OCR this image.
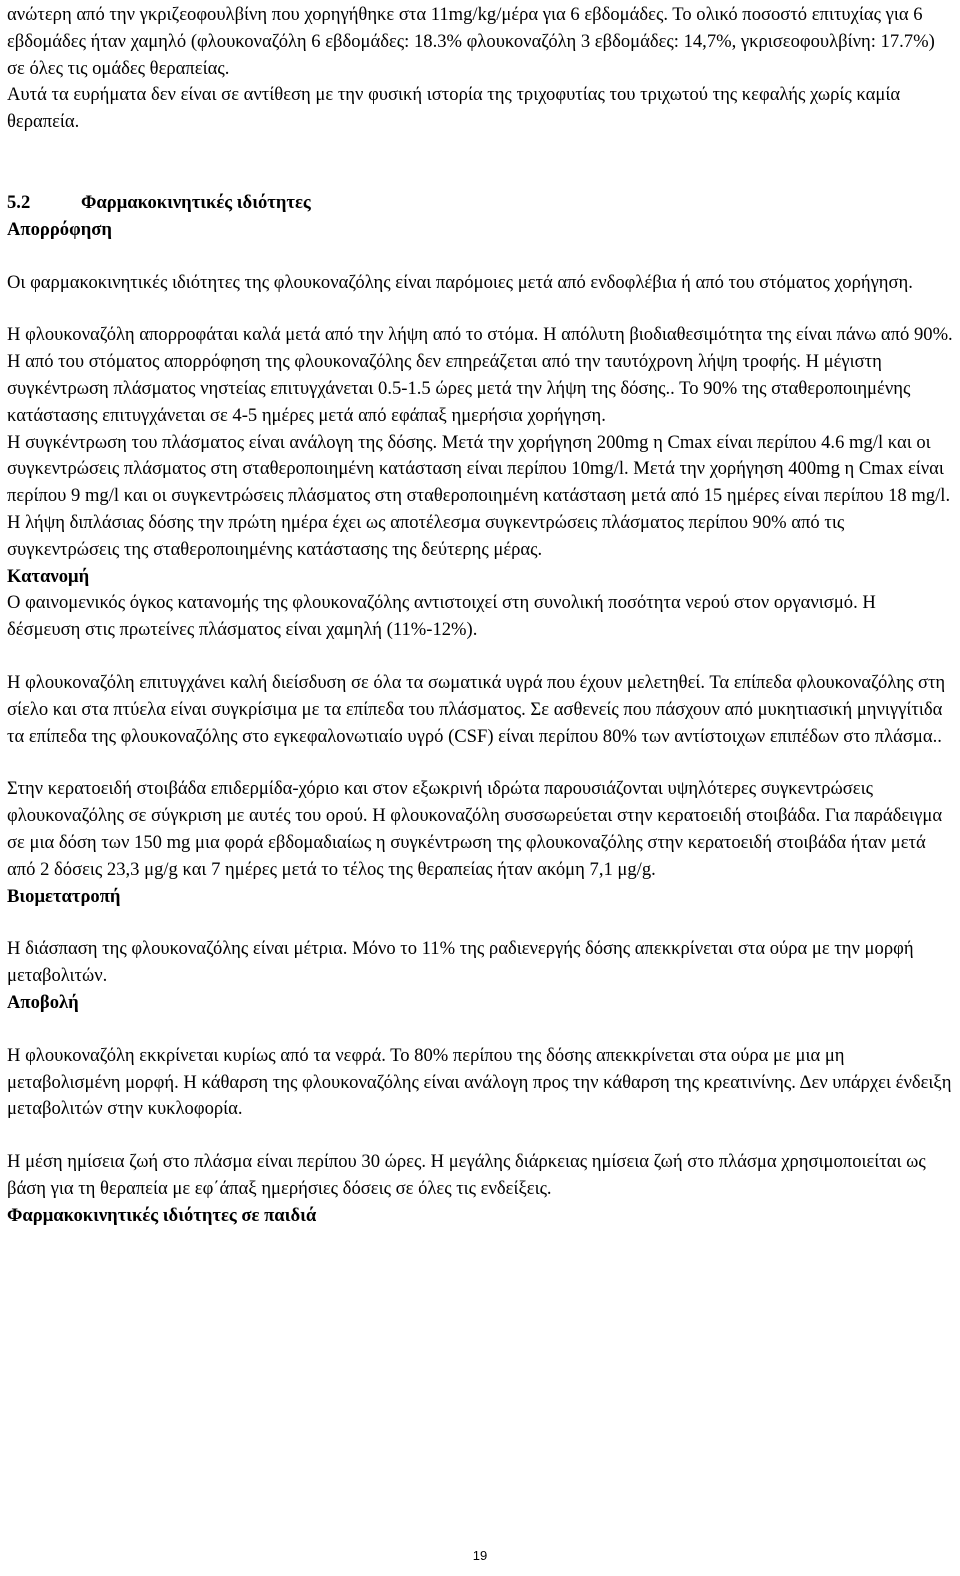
ανώτερη από την γκριζεοφουλβίνη που χορηγήθηκε στα 11mg/kg/μέρα για 6 εβδομάδες. Το ολικό ποσοστό επιτυχίας για 6 εβδομάδες ήταν χαμηλό (φλουκοναζόλη 6 εβδομάδες: 18.3% φλουκοναζόλη 3 εβδομάδες: 14,7%, γκρισεοφουλβίνη: 17.7%) σε όλες τις ομάδες θεραπείας.

Αυτά τα ευρήματα δεν είναι σε αντίθεση με την φυσική ιστορία της τριχοφυτίας του τριχωτού της κεφαλής χωρίς καμία θεραπεία.

5.2	Φαρμακοκινητικές ιδιότητες
Απορρόφηση

Οι φαρμακοκινητικές ιδιότητες της φλουκοναζόλης είναι παρόμοιες μετά από ενδοφλέβια ή από του στόματος χορήγηση.

Η φλουκοναζόλη απορροφάται καλά μετά από την λήψη από το στόμα. Η απόλυτη βιοδιαθεσιμότητα της είναι πάνω από 90%. Η από του στόματος απορρόφηση της φλουκοναζόλης δεν επηρεάζεται από την ταυτόχρονη λήψη τροφής. Η μέγιστη συγκέντρωση πλάσματος νηστείας επιτυγχάνεται 0.5-1.5 ώρες μετά την λήψη της δόσης.. Το 90% της σταθεροποιημένης κατάστασης επιτυγχάνεται σε 4-5 ημέρες μετά από εφάπαξ ημερήσια χορήγηση.

Η συγκέντρωση του πλάσματος είναι ανάλογη της δόσης. Μετά την χορήγηση 200mg η Cmax είναι περίπου 4.6 mg/l και οι συγκεντρώσεις πλάσματος στη σταθεροποιημένη κατάσταση είναι περίπου 10mg/l. Μετά την χορήγηση 400mg η Cmax είναι περίπου 9 mg/l και οι συγκεντρώσεις πλάσματος στη σταθεροποιημένη κατάσταση μετά από 15 ημέρες είναι περίπου 18 mg/l. Η λήψη διπλάσιας δόσης την πρώτη ημέρα έχει ως αποτέλεσμα συγκεντρώσεις πλάσματος περίπου 90% από τις συγκεντρώσεις της σταθεροποιημένης κατάστασης της δεύτερης μέρας.

Κατανομή

Ο φαινομενικός όγκος κατανομής της φλουκοναζόλης αντιστοιχεί στη συνολική ποσότητα νερού στον οργανισμό. Η δέσμευση στις πρωτείνες πλάσματος είναι χαμηλή (11%-12%).

Η φλουκοναζόλη επιτυγχάνει καλή διείσδυση σε όλα τα σωματικά υγρά που έχουν μελετηθεί. Τα επίπεδα φλουκοναζόλης στη σίελο και στα πτύελα είναι συγκρίσιμα με τα επίπεδα του πλάσματος. Σε ασθενείς που πάσχουν από μυκητιασική μηνιγγίτιδα τα επίπεδα της φλουκοναζόλης στο εγκεφαλονωτιαίο υγρό (CSF) είναι περίπου 80% των αντίστοιχων επιπέδων στο πλάσμα..

Στην κερατοειδή στοιβάδα επιδερμίδα-χόριο και στον εξωκρινή ιδρώτα παρουσιάζονται υψηλότερες συγκεντρώσεις φλουκοναζόλης σε σύγκριση με αυτές του ορού. Η φλουκοναζόλη συσσωρεύεται στην κερατοειδή στοιβάδα. Για παράδειγμα σε μια δόση των 150 mg μια φορά εβδομαδιαίως η συγκέντρωση της φλουκοναζόλης στην κερατοειδή στοιβάδα ήταν μετά από 2 δόσεις 23,3 μg/g και 7 ημέρες μετά το τέλος της θεραπείας ήταν ακόμη 7,1 μg/g.

Βιομετατροπή

Η διάσπαση της φλουκοναζόλης είναι μέτρια. Μόνο το 11% της ραδιενεργής δόσης απεκκρίνεται στα ούρα με την μορφή μεταβολιτών.

Αποβολή

Η φλουκοναζόλη εκκρίνεται κυρίως από τα νεφρά. Το 80% περίπου της δόσης απεκκρίνεται στα ούρα με μια μη μεταβολισμένη μορφή. Η κάθαρση της φλουκοναζόλης είναι ανάλογη προς την κάθαρση της κρεατινίνης. Δεν υπάρχει ένδειξη μεταβολιτών στην κυκλοφορία.

Η μέση ημίσεια ζωή στο πλάσμα είναι περίπου 30 ώρες. Η μεγάλης διάρκειας ημίσεια ζωή στο πλάσμα χρησιμοποιείται ως βάση για τη θεραπεία με εφ΄άπαξ ημερήσιες δόσεις σε όλες τις ενδείξεις.

Φαρμακοκινητικές ιδιότητες σε παιδιά
19
